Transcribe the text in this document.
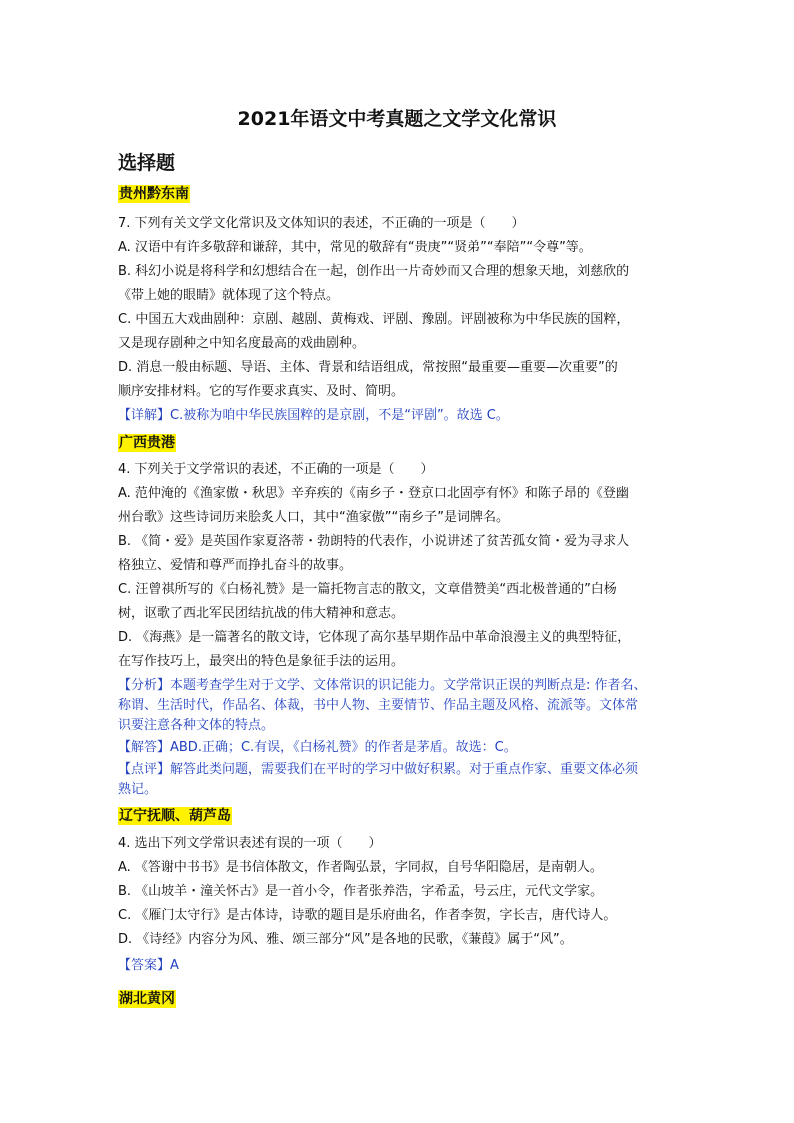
2021年语文中考真题之文学文化常识
选择题
贵州黔东南
7. 下列有关文学文化常识及文体知识的表述，不正确的一项是（　　）
A. 汉语中有许多敬辞和谦辞，其中，常见的敬辞有“贵庚”“贤弟”“奉陪”“令尊”等。
B. 科幻小说是将科学和幻想结合在一起，创作出一片奇妙而又合理的想象天地，刘慈欣的
《带上她的眼睛》就体现了这个特点。
C. 中国五大戏曲剧种：京剧、越剧、黄梅戏、评剧、豫剧。评剧被称为中华民族的国粹，
又是现存剧种之中知名度最高的戏曲剧种。
D. 消息一般由标题、导语、主体、背景和结语组成，常按照“最重要—重要—次重要”的
顺序安排材料。它的写作要求真实、及时、简明。
【详解】C.被称为咱中华民族国粹的是京剧，不是“评剧”。故选 C。
广西贵港
4. 下列关于文学常识的表述，不正确的一项是（　　）
A. 范仲淹的《渔家傲・秋思》辛弃疾的《南乡子・登京口北固亭有怀》和陈子昂的《登幽
州台歌》这些诗词历来脍炙人口，其中“渔家傲”“南乡子”是词牌名。
B. 《简・爱》是英国作家夏洛蒂・勃朗特的代表作，小说讲述了贫苦孤女简・爱为寻求人
格独立、爱情和尊严而挣扎奋斗的故事。
C. 汪曾祺所写的《白杨礼赞》是一篇托物言志的散文，文章借赞美“西北极普通的”白杨
树，讴歌了西北军民团结抗战的伟大精神和意志。
D. 《海燕》是一篇著名的散文诗，它体现了高尔基早期作品中革命浪漫主义的典型特征，
在写作技巧上，最突出的特色是象征手法的运用。
【分析】本题考查学生对于文学、文体常识的识记能力。文学常识正误的判断点是: 作者名、
称谓、生活时代，作品名、体裁，书中人物、主要情节、作品主题及风格、流派等。文体常
识要注意各种文体的特点。
【解答】ABD.正确；C.有误，《白杨礼赞》的作者是茅盾。故选：C。
【点评】解答此类问题，需要我们在平时的学习中做好积累。对于重点作家、重要文体必须
熟记。
辽宁抚顺、葫芦岛
4. 选出下列文学常识表述有误的一项（　　）
A. 《答谢中书书》是书信体散文，作者陶弘景，字同叔，自号华阳隐居，是南朝人。
B. 《山坡羊・潼关怀古》是一首小令，作者张养浩，字希孟，号云庄，元代文学家。
C. 《雁门太守行》是古体诗，诗歌的题目是乐府曲名，作者李贺，字长吉，唐代诗人。
D. 《诗经》内容分为风、雅、颂三部分“风”是各地的民歌，《蒹葭》属于“风”。
【答案】A
湖北黄冈
